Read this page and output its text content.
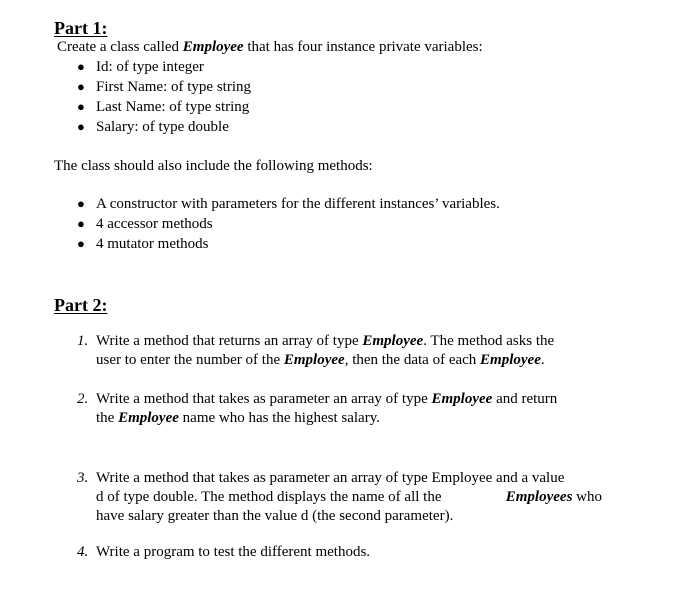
Part 1:
Create a class called Employee that has four instance private variables:
● Id: of type integer
● First Name: of type string
● Last Name: of type string
● Salary: of type double
The class should also include the following methods:
● A constructor with parameters for the different instances’ variables.
● 4 accessor methods
● 4 mutator methods
Part 2:
1. Write a method that returns an array of type Employee. The method asks the
user to enter the number of the Employee, then the data of each Employee.
2. Write a method that takes as parameter an array of type Employee and return
the Employee name who has the highest salary.
3. Write a method that takes as parameter an array of type Employee and a value
d of type double. The method displays the name of all the	Employees who
have salary greater than the value d (the second parameter).
4. Write a program to test the different methods.
